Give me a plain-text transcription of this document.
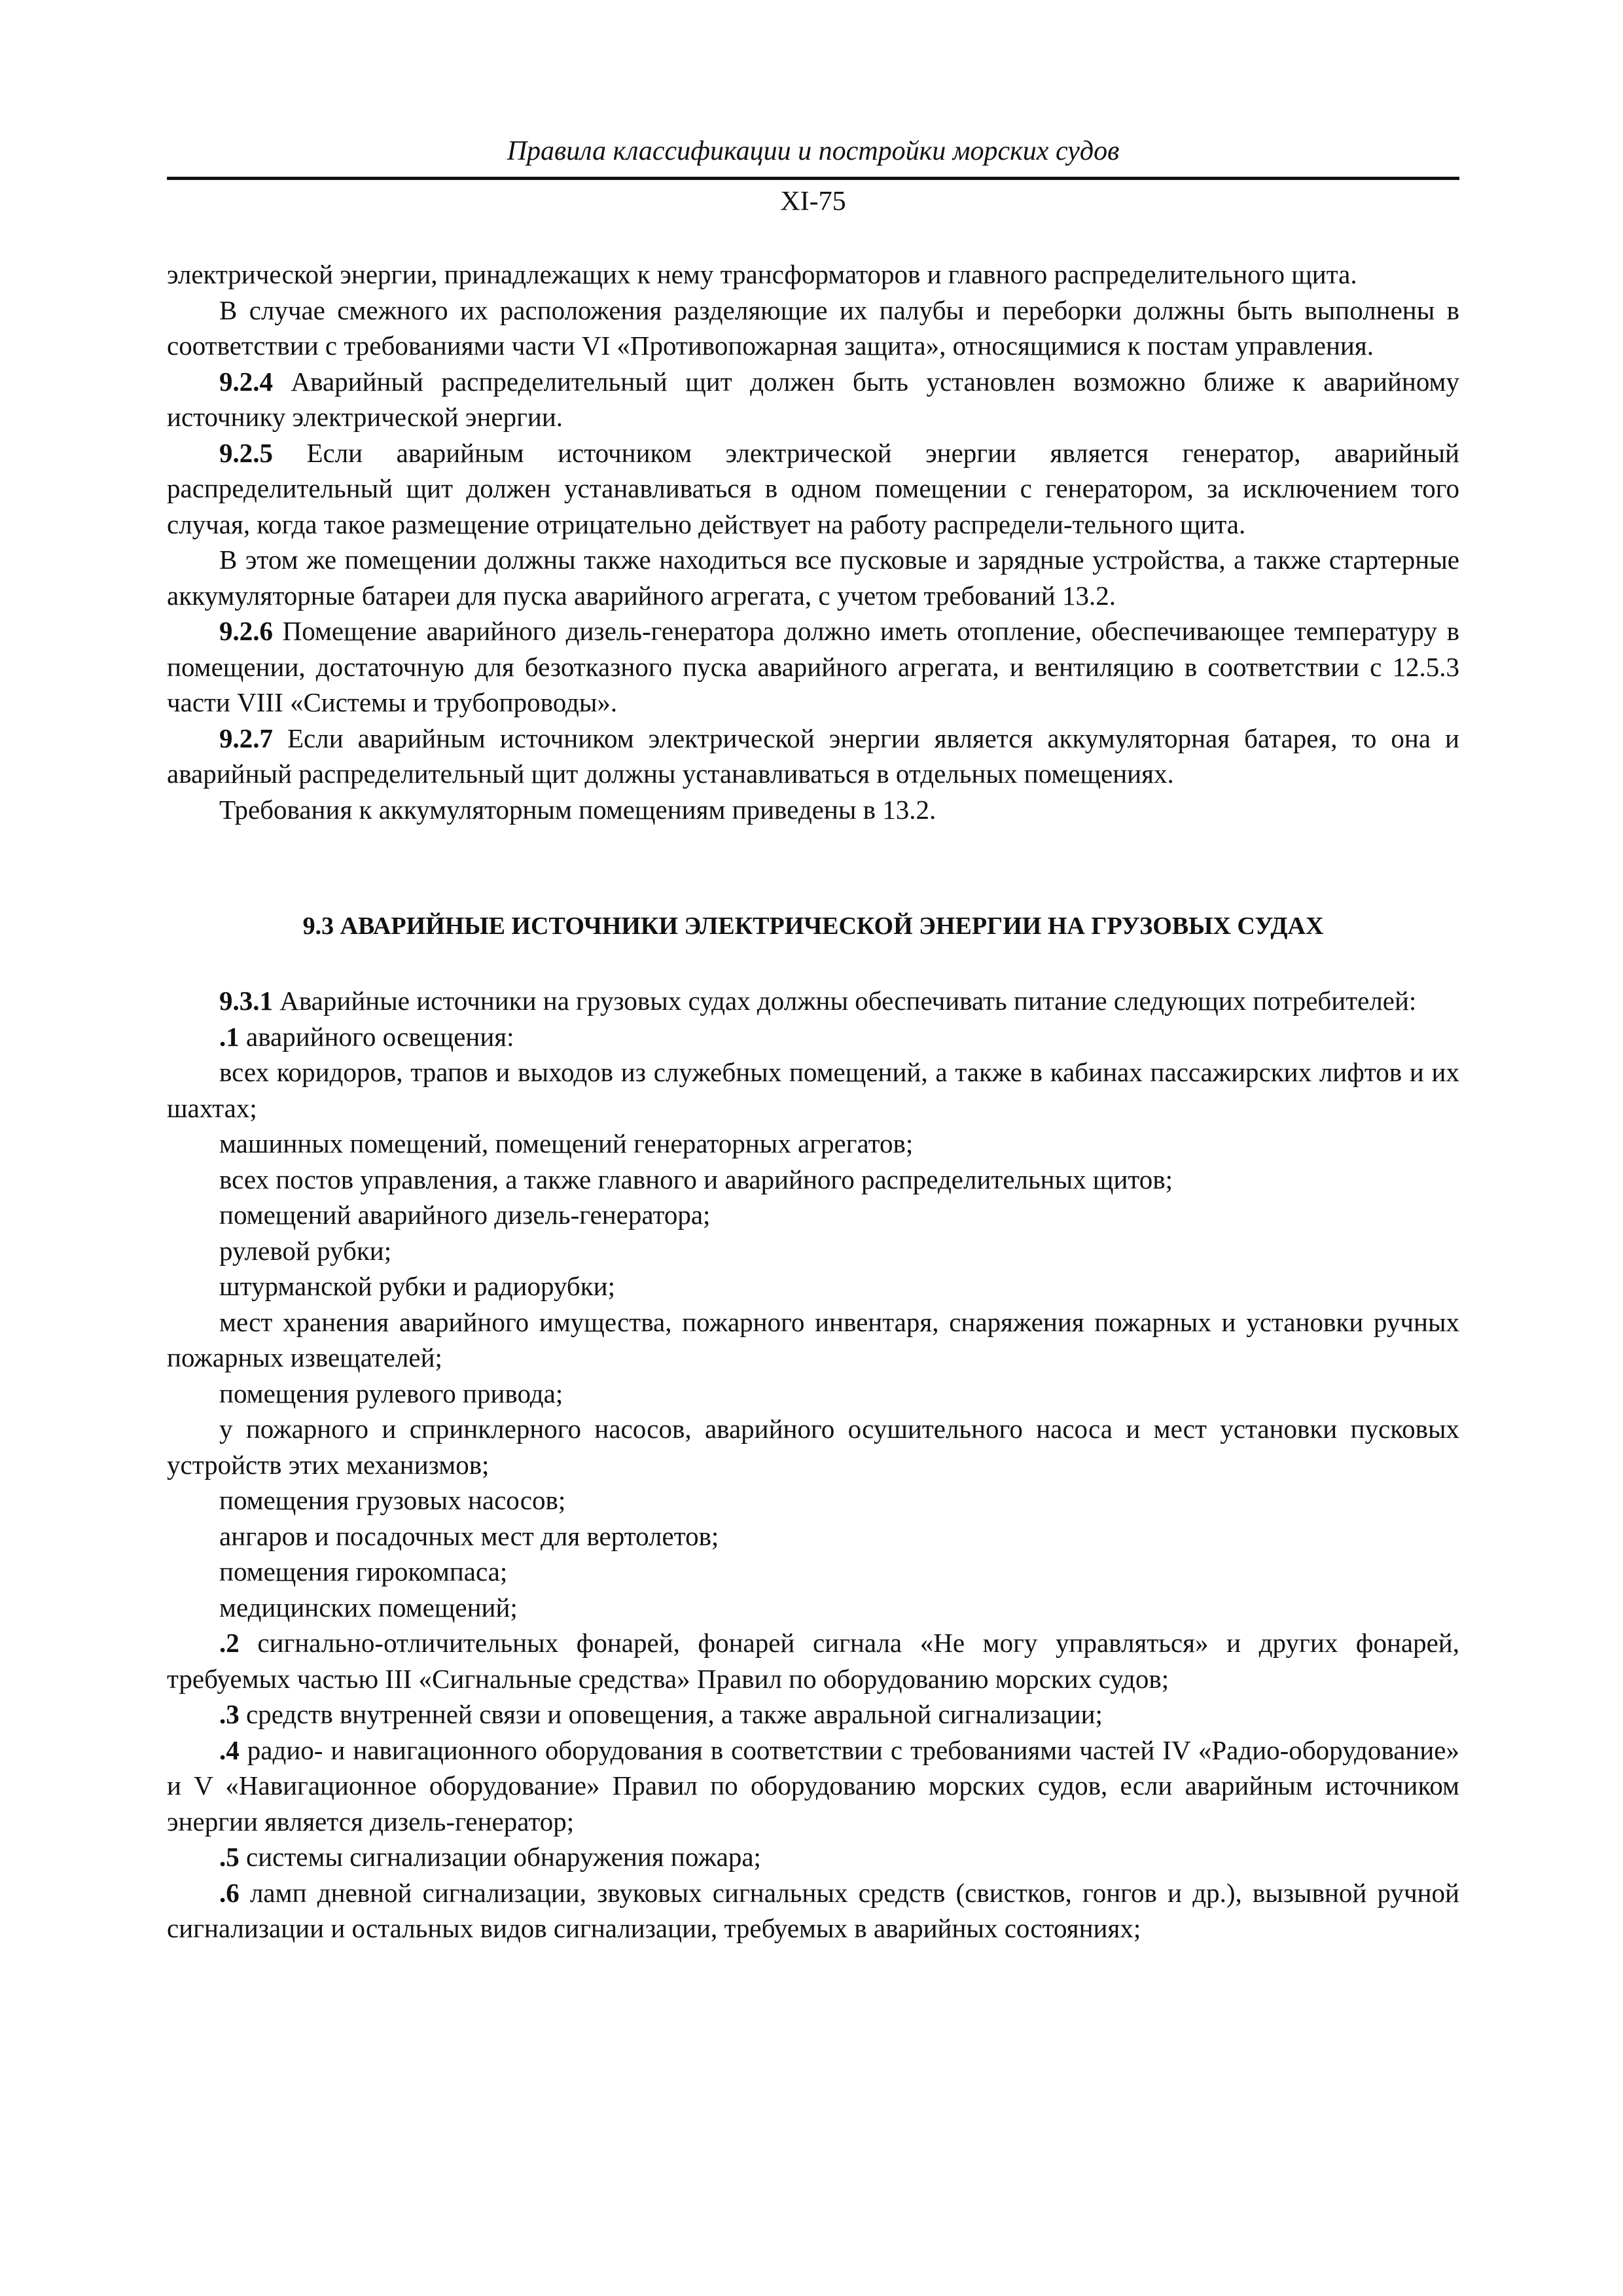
Правила классификации и постройки морских судов
XI-75

электрической энергии, принадлежащих к нему трансформаторов и главного распределительного щита.

В случае смежного их расположения разделяющие их палубы и переборки должны быть выполнены в соответствии с требованиями части VI «Противопожарная защита», относящимися к постам управления.

9.2.4 Аварийный распределительный щит должен быть установлен возможно ближе к аварийному источнику электрической энергии.

9.2.5 Если аварийным источником электрической энергии является генератор, аварийный распределительный щит должен устанавливаться в одном помещении с генератором, за исключением того случая, когда такое размещение отрицательно действует на работу распредели-тельного щита.

В этом же помещении должны также находиться все пусковые и зарядные устройства, а также стартерные аккумуляторные батареи для пуска аварийного агрегата, с учетом требований 13.2.

9.2.6 Помещение аварийного дизель-генератора должно иметь отопление, обеспечивающее температуру в помещении, достаточную для безотказного пуска аварийного агрегата, и вентиляцию в соответствии с 12.5.3 части VIII «Системы и трубопроводы».

9.2.7 Если аварийным источником электрической энергии является аккумуляторная батарея, то она и аварийный распределительный щит должны устанавливаться в отдельных помещениях.

Требования к аккумуляторным помещениям приведены в 13.2.

9.3 АВАРИЙНЫЕ ИСТОЧНИКИ ЭЛЕКТРИЧЕСКОЙ ЭНЕРГИИ НА ГРУЗОВЫХ СУДАХ

9.3.1 Аварийные источники на грузовых судах должны обеспечивать питание следующих потребителей:

.1 аварийного освещения:

всех коридоров, трапов и выходов из служебных помещений, а также в кабинах пассажирских лифтов и их шахтах;

машинных помещений, помещений генераторных агрегатов;

всех постов управления, а также главного и аварийного распределительных щитов;

помещений аварийного дизель-генератора;

рулевой рубки;

штурманской рубки и радиорубки;

мест хранения аварийного имущества, пожарного инвентаря, снаряжения пожарных и установки ручных пожарных извещателей;

помещения рулевого привода;

у пожарного и спринклерного насосов, аварийного осушительного насоса и мест установки пусковых устройств этих механизмов;

помещения грузовых насосов;

ангаров и посадочных мест для вертолетов;

помещения гирокомпаса;

медицинских помещений;

.2 сигнально-отличительных фонарей, фонарей сигнала «Не могу управляться» и других фонарей, требуемых частью III «Сигнальные средства» Правил по оборудованию морских судов;

.3 средств внутренней связи и оповещения, а также авральной сигнализации;

.4 радио- и навигационного оборудования в соответствии с требованиями частей IV «Радио-оборудование» и V «Навигационное оборудование» Правил по оборудованию морских судов, если аварийным источником энергии является дизель-генератор;

.5 системы сигнализации обнаружения пожара;

.6 ламп дневной сигнализации, звуковых сигнальных средств (свистков, гонгов и др.), вызывной ручной сигнализации и остальных видов сигнализации, требуемых в аварийных состояниях;
